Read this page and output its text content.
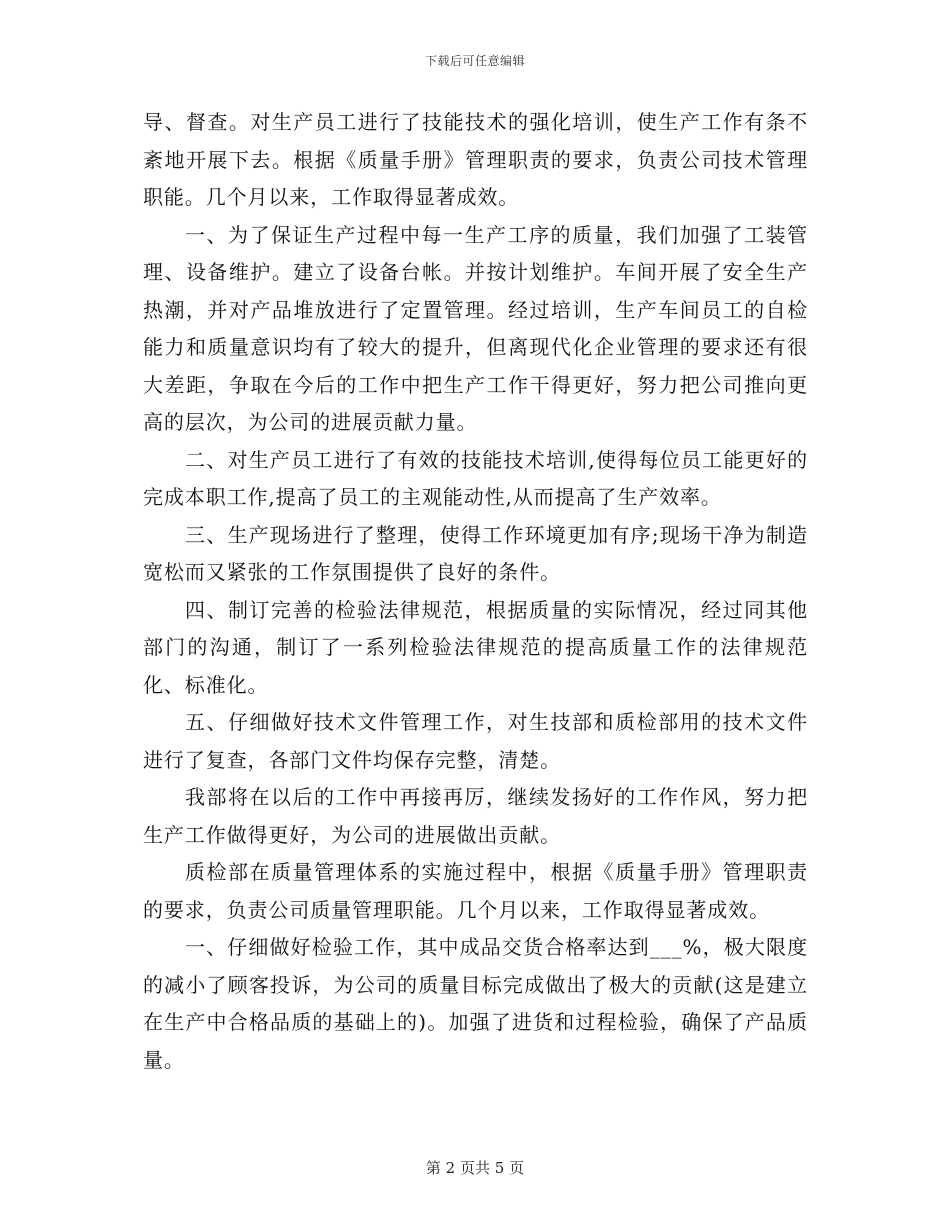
下载后可任意编辑

导、督查。对生产员工进行了技能技术的强化培训，使生产工作有条不紊地开展下去。根据《质量手册》管理职责的要求，负责公司技术管理职能。几个月以来，工作取得显著成效。

一、为了保证生产过程中每一生产工序的质量，我们加强了工装管理、设备维护。建立了设备台帐。并按计划维护。车间开展了安全生产热潮，并对产品堆放进行了定置管理。经过培训，生产车间员工的自检能力和质量意识均有了较大的提升，但离现代化企业管理的要求还有很大差距，争取在今后的工作中把生产工作干得更好，努力把公司推向更高的层次，为公司的进展贡献力量。

二、对生产员工进行了有效的技能技术培训,使得每位员工能更好的完成本职工作,提高了员工的主观能动性,从而提高了生产效率。

三、生产现场进行了整理，使得工作环境更加有序;现场干净为制造宽松而又紧张的工作氛围提供了良好的条件。

四、制订完善的检验法律规范，根据质量的实际情况，经过同其他部门的沟通，制订了一系列检验法律规范的提高质量工作的法律规范化、标准化。

五、仔细做好技术文件管理工作，对生技部和质检部用的技术文件进行了复查，各部门文件均保存完整，清楚。

我部将在以后的工作中再接再厉，继续发扬好的工作作风，努力把生产工作做得更好，为公司的进展做出贡献。

质检部在质量管理体系的实施过程中，根据《质量手册》管理职责的要求，负责公司质量管理职能。几个月以来，工作取得显著成效。

一、仔细做好检验工作，其中成品交货合格率达到___%，极大限度的减小了顾客投诉，为公司的质量目标完成做出了极大的贡献(这是建立在生产中合格品质的基础上的)。加强了进货和过程检验，确保了产品质量。

第 2 页共 5 页
